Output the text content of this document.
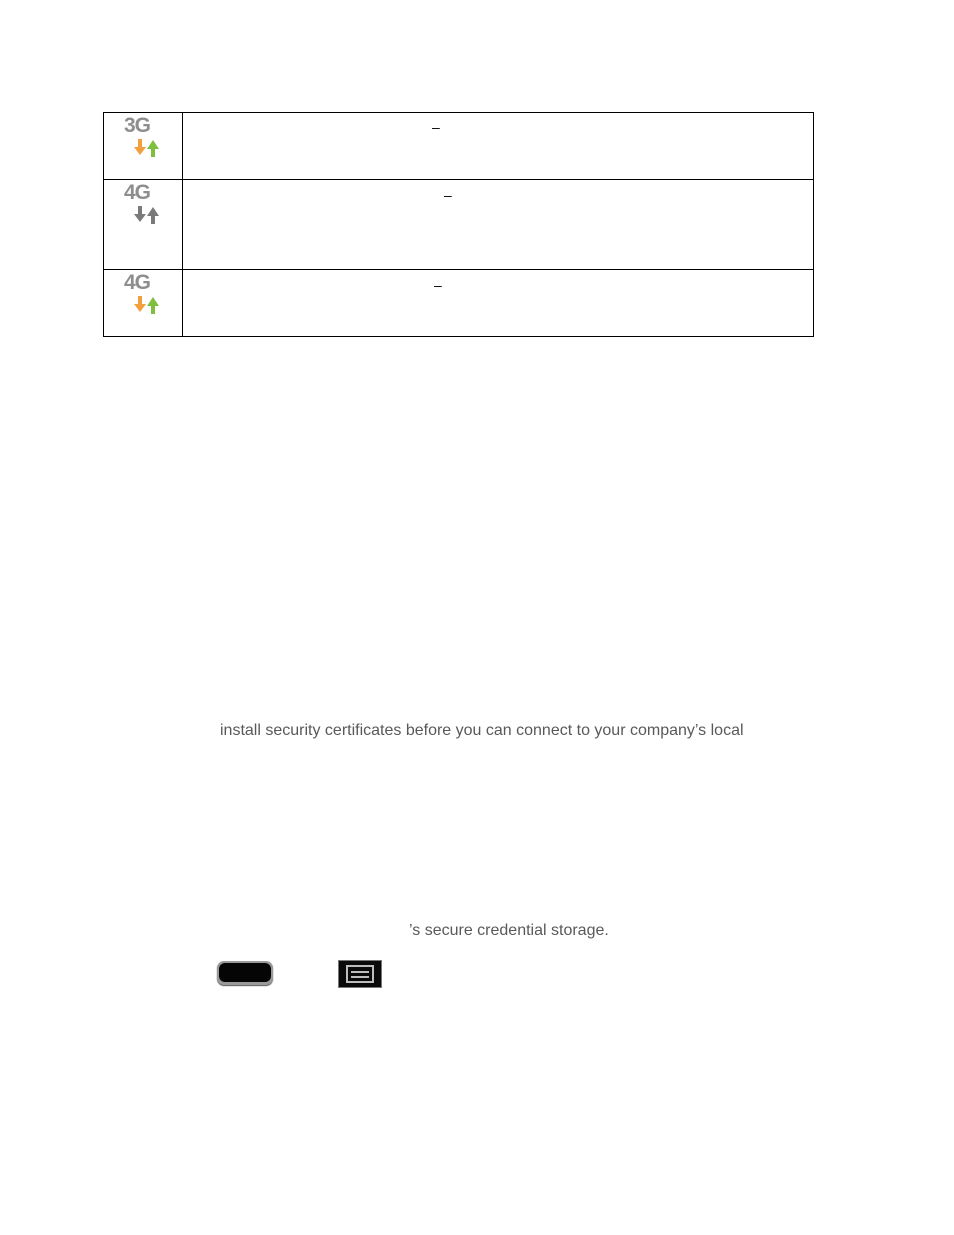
3G	–

4G	–

4G	–
install security certificates before you can connect to your company’s local
’s secure credential storage.
